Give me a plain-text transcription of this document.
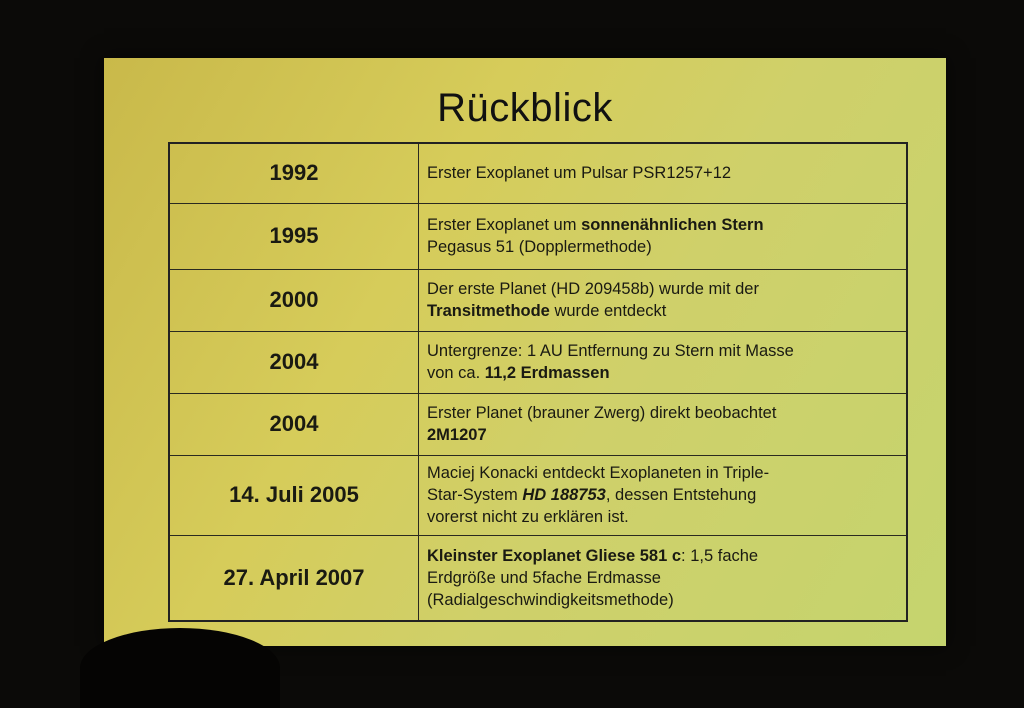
Rückblick
1992	Erster Exoplanet um Pulsar PSR1257+12
1995	Erster Exoplanet um sonnenähnlichen Stern
Pegasus 51 (Dopplermethode)
2000	Der erste Planet (HD 209458b) wurde mit der
Transitmethode wurde entdeckt
2004	Untergrenze: 1 AU Entfernung zu Stern mit Masse
von ca. 11,2 Erdmassen
2004	Erster Planet (brauner Zwerg) direkt beobachtet
2M1207
14. Juli 2005	Maciej Konacki entdeckt Exoplaneten in Triple-
Star-System HD 188753, dessen Entstehung
vorerst nicht zu erklären ist.
27. April 2007	Kleinster Exoplanet Gliese 581 c: 1,5 fache
Erdgröße und 5fache Erdmasse
(Radialgeschwindigkeitsmethode)
